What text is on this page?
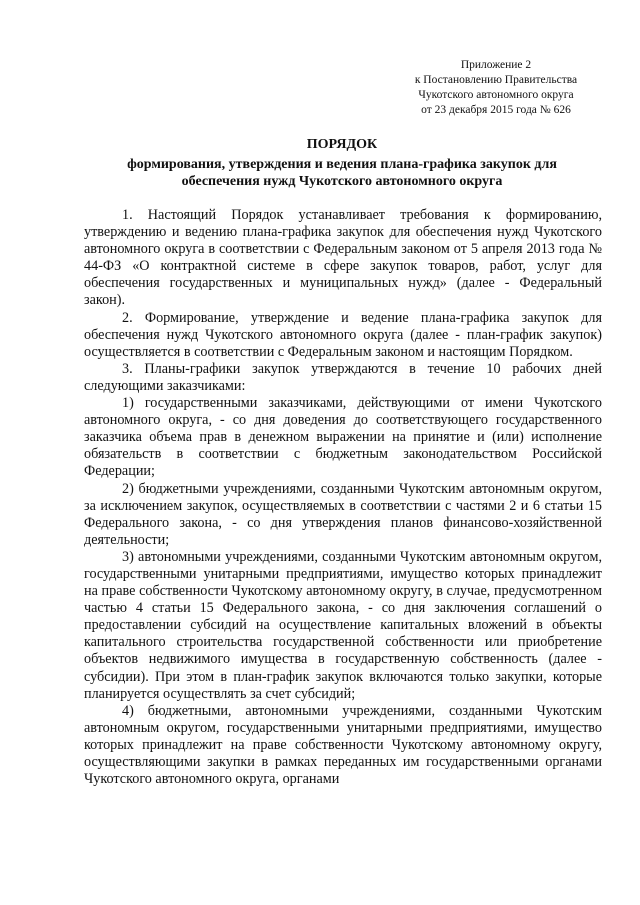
Приложение 2
к Постановлению Правительства
Чукотского автономного округа
от 23 декабря 2015 года № 626

ПОРЯДОК

формирования, утверждения и ведения плана-графика закупок для
обеспечения нужд Чукотского автономного округа

1. Настоящий Порядок устанавливает требования к формированию, утверждению и ведению плана-графика закупок для обеспечения нужд Чукотского автономного округа в соответствии с Федеральным законом от 5 апреля 2013 года № 44-ФЗ «О контрактной системе в сфере закупок товаров, работ, услуг для обеспечения государственных и муниципальных нужд» (далее - Федеральный закон).

2. Формирование, утверждение и ведение плана-графика закупок для обеспечения нужд Чукотского автономного округа (далее - план-график закупок) осуществляется в соответствии с Федеральным законом и настоящим Порядком.

3. Планы-графики закупок утверждаются в течение 10 рабочих дней следующими заказчиками:

1) государственными заказчиками, действующими от имени Чукотского автономного округа, - со дня доведения до соответствующего государственного заказчика объема прав в денежном выражении на принятие и (или) исполнение обязательств в соответствии с бюджетным законодательством Российской Федерации;

2) бюджетными учреждениями, созданными Чукотским автономным округом, за исключением закупок, осуществляемых в соответствии с частями 2 и 6 статьи 15 Федерального закона, - со дня утверждения планов финансово-хозяйственной деятельности;

3) автономными учреждениями, созданными Чукотским автономным округом, государственными унитарными предприятиями, имущество которых принадлежит на праве собственности Чукотскому автономному округу, в случае, предусмотренном частью 4 статьи 15 Федерального закона, - со дня заключения соглашений о предоставлении субсидий на осуществление капитальных вложений в объекты капитального строительства государственной собственности или приобретение объектов недвижимого имущества в государственную собственность (далее - субсидии). При этом в план-график закупок включаются только закупки, которые планируется осуществлять за счет субсидий;

4) бюджетными, автономными учреждениями, созданными Чукотским автономным округом, государственными унитарными предприятиями, имущество которых принадлежит на праве собственности Чукотскому автономному округу, осуществляющими закупки в рамках переданных им государственными органами Чукотского автономного округа, органами
